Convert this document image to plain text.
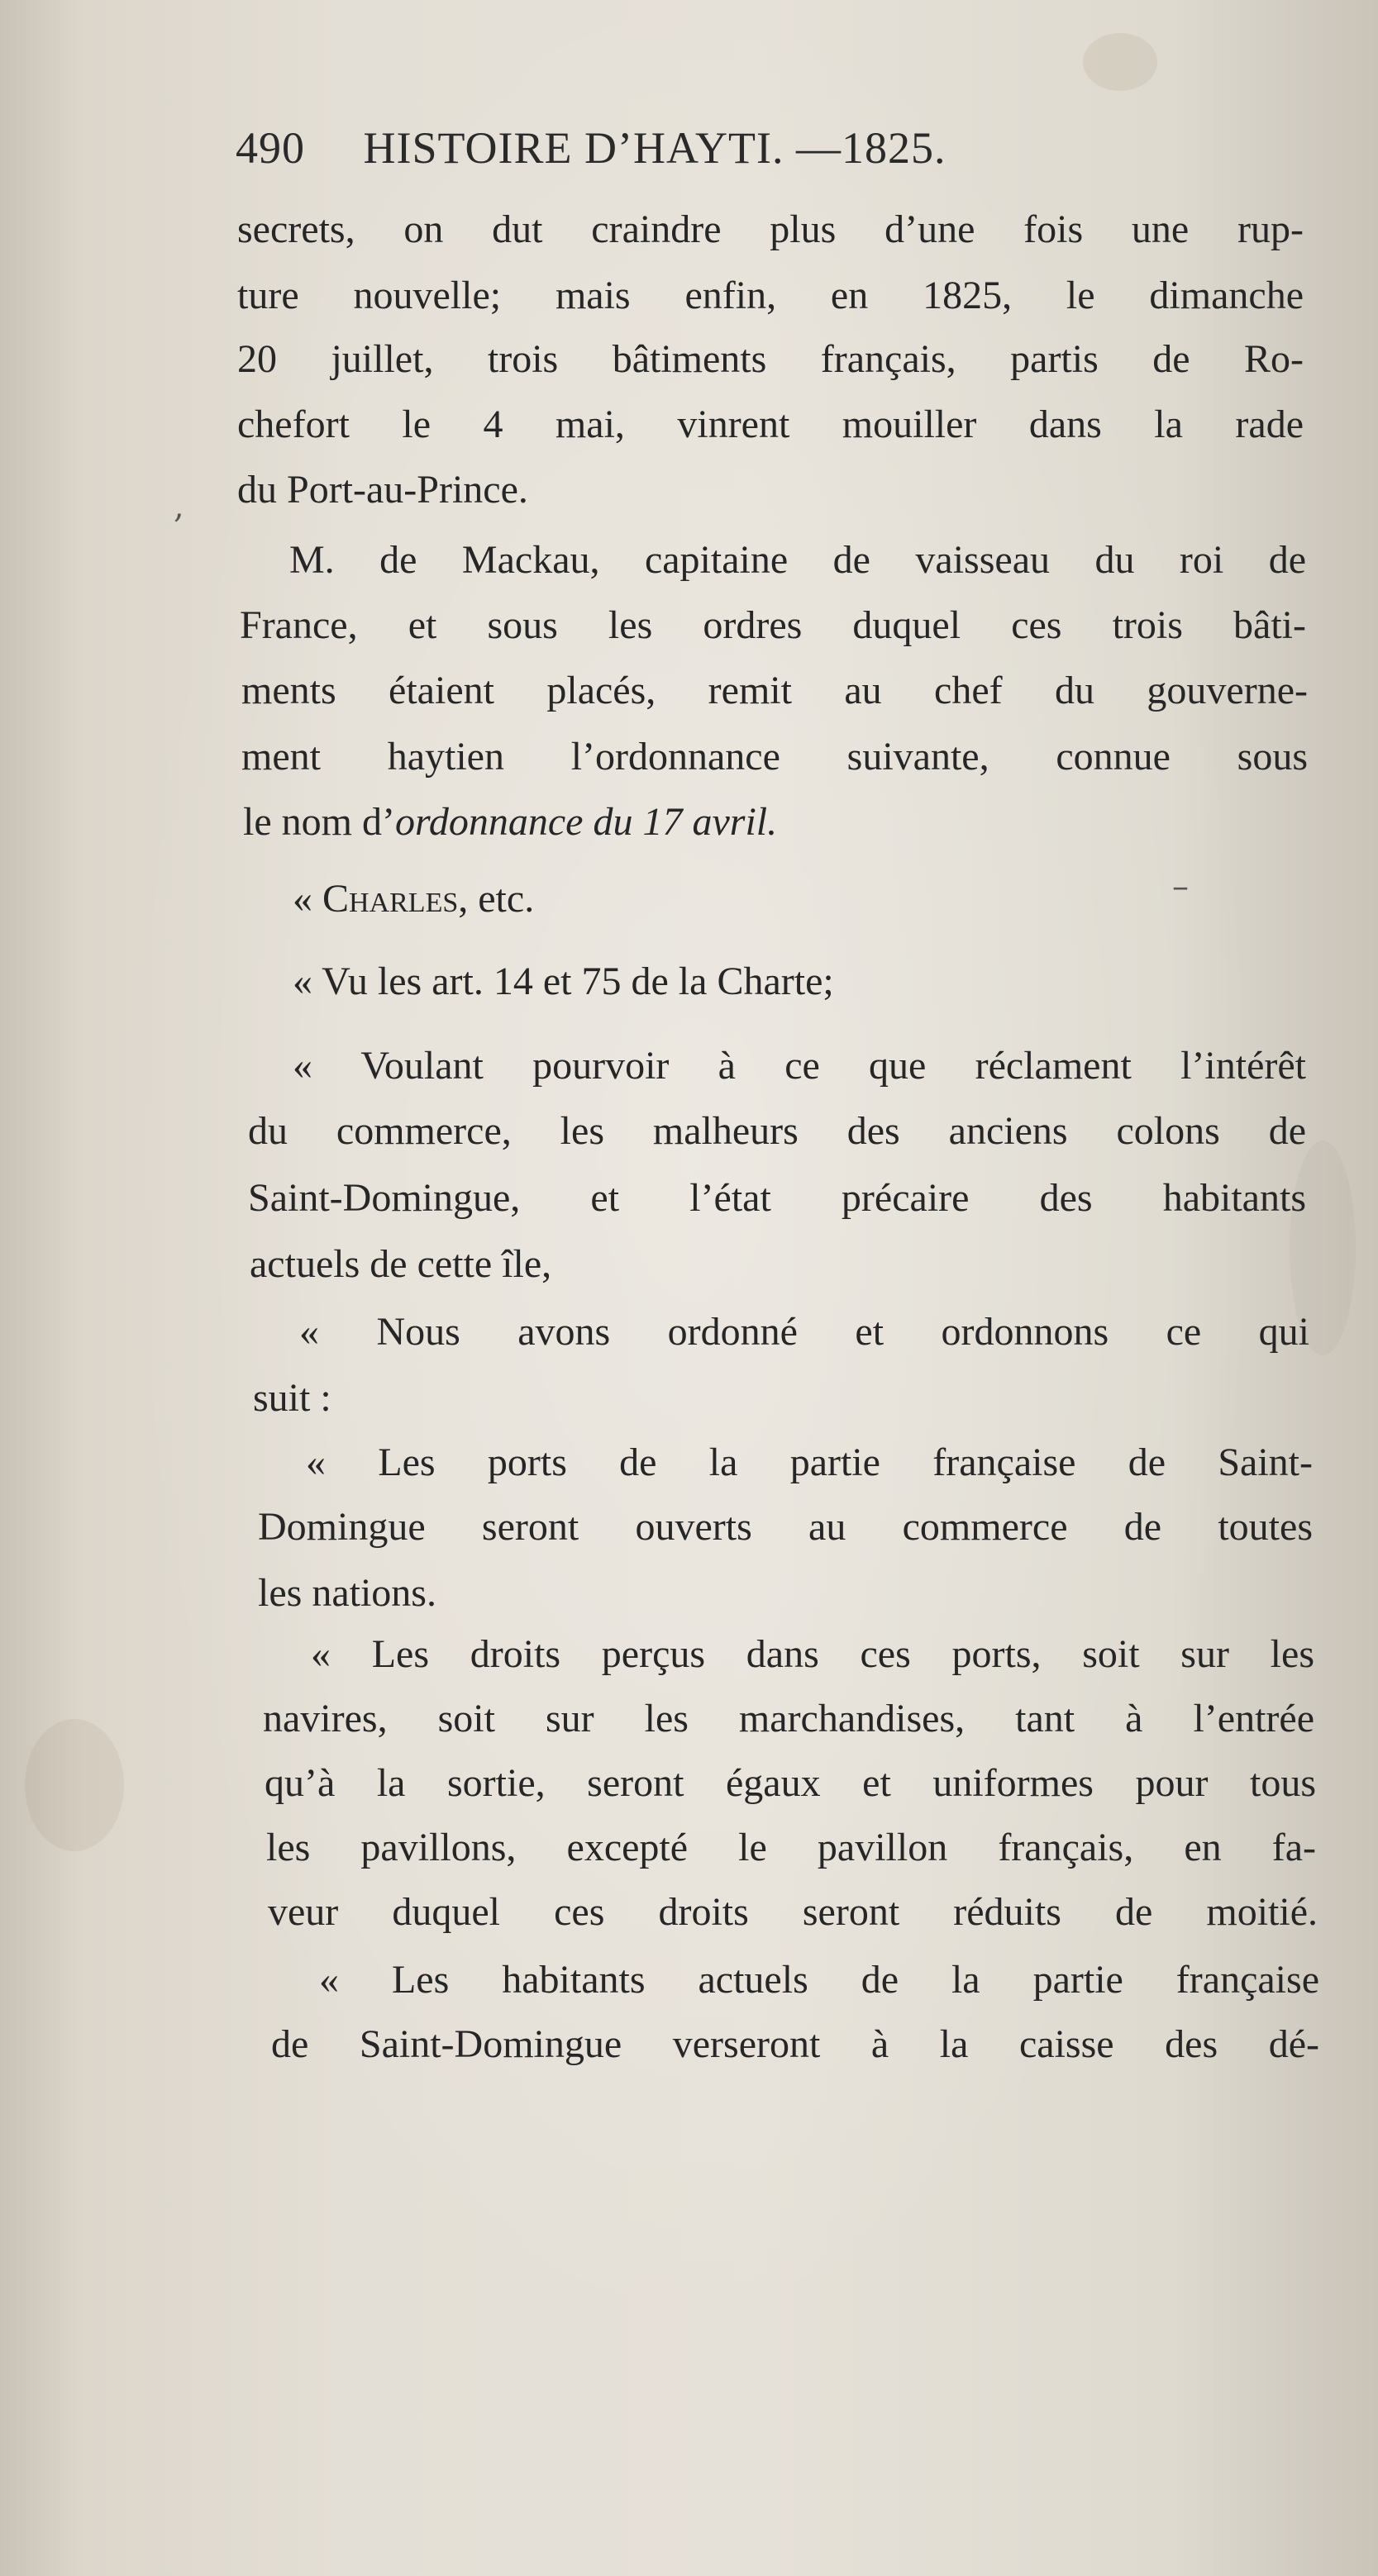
490 HISTOIRE D’HAYTI. —1825.
secrets, on dut craindre plus d’une fois une rup-
ture nouvelle; mais enfin, en 1825, le dimanche
20 juillet, trois bâtiments français, partis de Ro-
chefort le 4 mai, vinrent mouiller dans la rade
du Port-au-Prince.
M. de Mackau, capitaine de vaisseau du roi de
France, et sous les ordres duquel ces trois bâti-
ments étaient placés, remit au chef du gouverne-
ment haytien l’ordonnance suivante, connue sous
le nom d’ordonnance du 17 avril.
« Charles, etc.
« Vu les art. 14 et 75 de la Charte;
« Voulant pourvoir à ce que réclament l’intérêt
du commerce, les malheurs des anciens colons de
Saint-Domingue, et l’état précaire des habitants
actuels de cette île,
« Nous avons ordonné et ordonnons ce qui
suit :
« Les ports de la partie française de Saint-
Domingue seront ouverts au commerce de toutes
les nations.
« Les droits perçus dans ces ports, soit sur les
navires, soit sur les marchandises, tant à l’entrée
qu’à la sortie, seront égaux et uniformes pour tous
les pavillons, excepté le pavillon français, en fa-
veur duquel ces droits seront réduits de moitié.
« Les habitants actuels de la partie française
de Saint-Domingue verseront à la caisse des dé-
,
–
